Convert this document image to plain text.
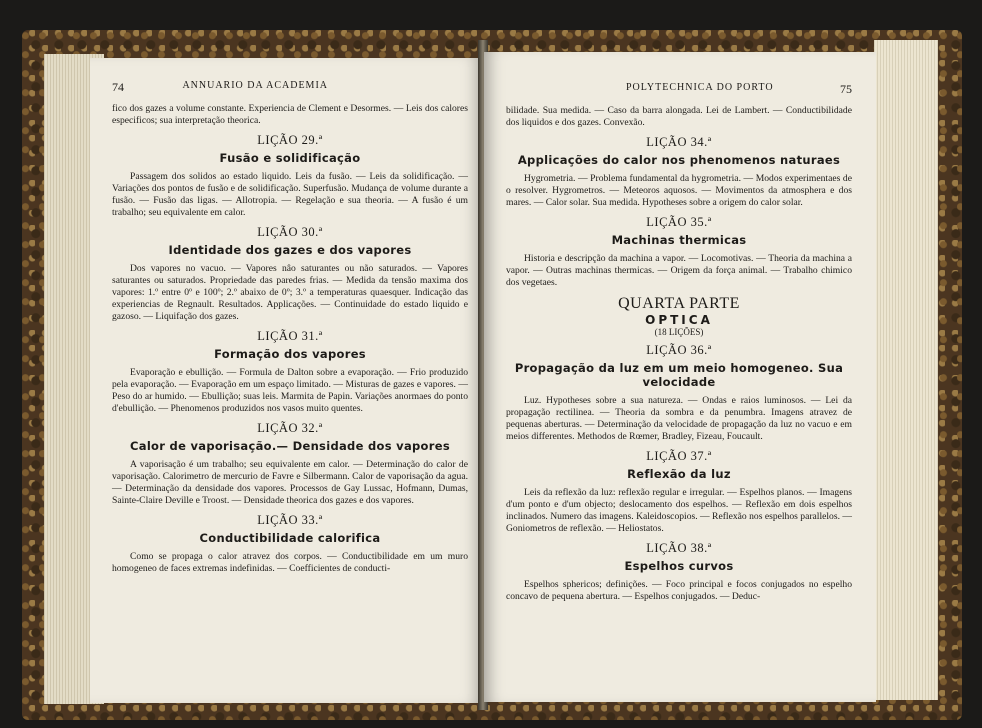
74	ANNUARIO DA ACADEMIA

fico dos gazes a volume constante. Experiencia de Clement e Desormes. — Leis dos calores especificos; sua interpretação theorica.

LIÇÃO 29.ª
Fusão e solidificação

Passagem dos solidos ao estado liquido. Leis da fusão. — Leis da solidificação. — Variações dos pontos de fusão e de solidificação. Superfusão. Mudança de volume durante a fusão. — Fusão das ligas. — Allotropia. — Regelação e sua theoria. — A fusão é um trabalho; seu equivalente em calor.

LIÇÃO 30.ª
Identidade dos gazes e dos vapores

Dos vapores no vacuo. — Vapores nâo saturantes ou não saturados. — Vapores saturantes ou saturados. Propriedade das paredes frias. — Medida da tensão maxima dos vapores: 1.º entre 0º e 100º; 2.º abaixo de 0º; 3.º a temperaturas quaesquer. Indicação das experiencias de Regnault. Resultados. Applicações. — Continuidade do estado liquido e gazoso. — Liquifação dos gazes.

LIÇÃO 31.ª
Formação dos vapores

Evaporação e ebullição. — Formula de Dalton sobre a evaporação. — Frio produzido pela evaporação. — Evaporação em um espaço limitado. — Misturas de gazes e vapores. — Peso do ar humido. — Ebullição; suas leis. Marmita de Papin. Variações anormaes do ponto d'ebullição. — Phenomenos produzidos nos vasos muito quentes.

LIÇÃO 32.ª
Calor de vaporisação.— Densidade dos vapores

A vaporisação é um trabalho; seu equivalente em calor. — Determinação do calor de vaporisação. Calorimetro de mercurio de Favre e Silbermann. Calor de vaporisação da agua. — Determinação da densidade dos vapores. Processos de Gay Lussac, Hofmann, Dumas, Sainte-Claire Deville e Troost. — Densidade theorica dos gazes e dos vapores.

LIÇÃO 33.ª
Conductibilidade calorifica

Como se propaga o calor atravez dos corpos. — Conductibilidade em um muro homogeneo de faces extremas indefinidas. — Coefficientes de conducti-

POLYTECHNICA DO PORTO	75

bilidade. Sua medida. — Caso da barra alongada. Lei de Lambert. — Conductibilidade dos liquidos e dos gazes. Convexão.

LIÇÃO 34.ª
Applicações do calor nos phenomenos naturaes

Hygrometria. — Problema fundamental da hygrometria. — Modos experimentaes de o resolver. Hygrometros. — Meteoros aquosos. — Movimentos da atmosphera e dos mares. — Calor solar. Sua medida. Hypotheses sobre a origem do calor solar.

LIÇÃO 35.ª
Machinas thermicas

Historia e descripção da machina a vapor. — Locomotivas. — Theoria da machina a vapor. — Outras machinas thermicas. — Origem da força animal. — Trabalho chimico dos vegetaes.

QUARTA PARTE
OPTICA
(18 LIÇÕES)
LIÇÃO 36.ª
Propagação da luz em um meio homogeneo. Sua velocidade

Luz. Hypotheses sobre a sua natureza. — Ondas e raios luminosos. — Lei da propagação rectilinea. — Theoria da sombra e da penumbra. Imagens atravez de pequenas aberturas. — Determinação da velocidade de propagação da luz no vacuo e em meios differentes. Methodos de Rœmer, Bradley, Fizeau, Foucault.

LIÇÃO 37.ª
Reflexão da luz

Leis da reflexão da luz: reflexão regular e irregular. — Espelhos planos. — Imagens d'um ponto e d'um objecto; deslocamento dos espelhos. — Reflexão em dois espelhos inclinados. Numero das imagens. Kaleidoscopios. — Reflexão nos espelhos parallelos. — Goniometros de reflexão. — Heliostatos.

LIÇÃO 38.ª
Espelhos curvos

Espelhos sphericos; definições. — Foco principal e focos conjugados no espelho concavo de pequena abertura. — Espelhos conjugados. — Deduc-
